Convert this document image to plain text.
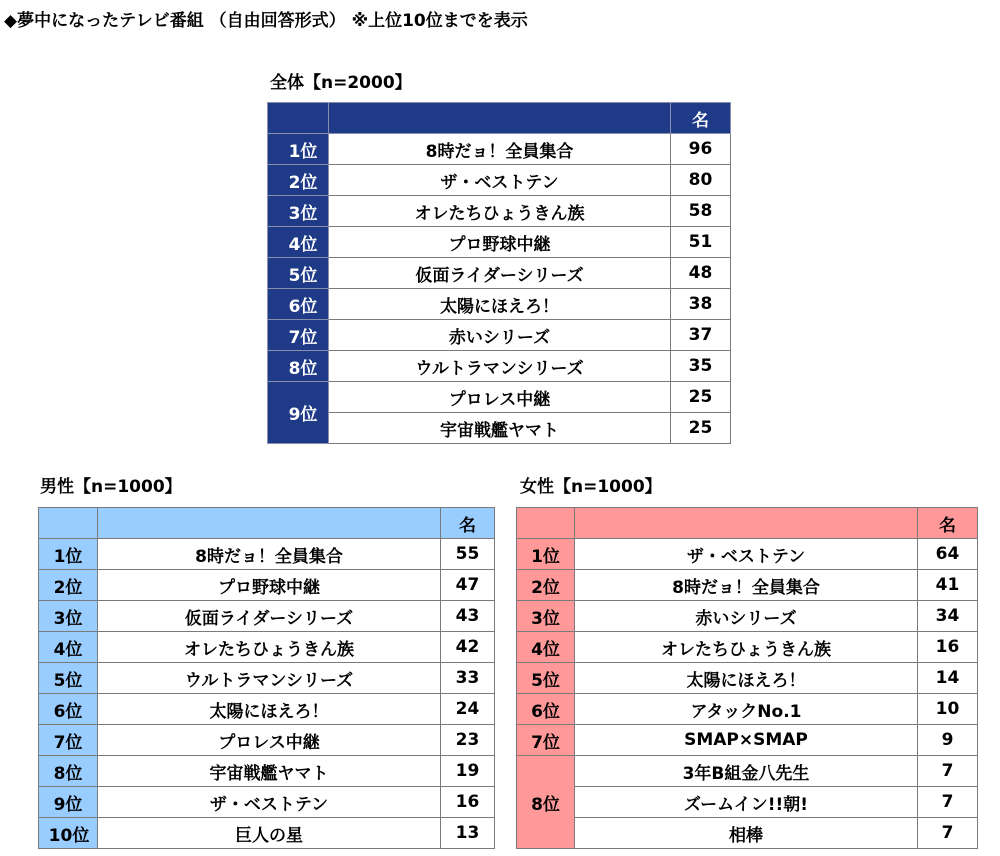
◆夢中になったテレビ番組 （自由回答形式） ※上位10位までを表示
全体【n=2000】
		名
1位	8時だョ！全員集合	96
2位	ザ・ベストテン	80
3位	オレたちひょうきん族	58
4位	プロ野球中継	51
5位	仮面ライダーシリーズ	48
6位	太陽にほえろ！	38
7位	赤いシリーズ	37
8位	ウルトラマンシリーズ	35
9位	プロレス中継	25
	宇宙戦艦ヤマト	25
男性【n=1000】
		名
1位	8時だョ！全員集合	55
2位	プロ野球中継	47
3位	仮面ライダーシリーズ	43
4位	オレたちひょうきん族	42
5位	ウルトラマンシリーズ	33
6位	太陽にほえろ！	24
7位	プロレス中継	23
8位	宇宙戦艦ヤマト	19
9位	ザ・ベストテン	16
10位	巨人の星	13
女性【n=1000】
		名
1位	ザ・ベストテン	64
2位	8時だョ！全員集合	41
3位	赤いシリーズ	34
4位	オレたちひょうきん族	16
5位	太陽にほえろ！	14
6位	アタックNo.1	10
7位	SMAP×SMAP	9
8位	3年B組金八先生	7
	ズームイン!!朝!	7
	相棒	7
